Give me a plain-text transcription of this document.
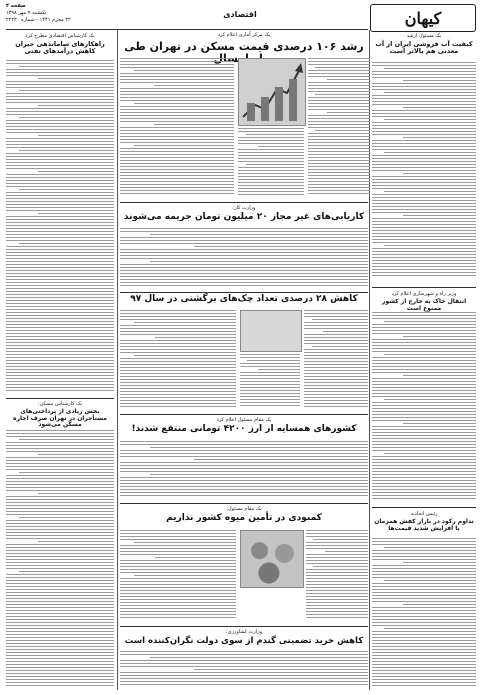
کیهان
صفحه ۴
یکشنبه ۷ مهر ۱۳۹۸
۲۲ محرم ۱۴۴۱ - شماره ۲۲۲۳۰
اقتصادی
یک مسئول ارشد
کیفیت آب فروشی ایران از آب معدنی هم بالاتر است
وزیر راه و شهرسازی اعلام کرد
انتقال خاک به خارج از کشور ممنوع است
رئیس اتحادیه
تداوم رکود در بازار کفش همزمان با افزایش شدید قیمت‌ها
یک مرکز آماری اعلام کرد
رشد ۱۰۶ درصدی قیمت مسکن در تهران طی
وزارت کار:
کاریابی‌های غیر مجاز ۲۰ میلیون تومان جریمه می‌شوند
کاهش ۲۸ درصدی تعداد چک‌های برگشتی در سال ۹۷
یک مقام مسئول اعلام کرد
کشورهای همسایه از ارز ۴۲۰۰ تومانی منتفع شدند!
یک مقام مسئول:
کمبودی در تأمین میوه کشور نداریم
وزارت کشاورزی:
کاهش خرید تضمینی گندم از سوی دولت نگران‌کننده است
یک کارشناس اقتصادی مطرح کرد
راهکارهای ساماندهی جبران کاهش درآمدهای نفتی
یک کارشناس مسکن:
بخش زیادی از پرداختی‌های مستأجران در تهران صرف اجاره مسکن می‌شود
